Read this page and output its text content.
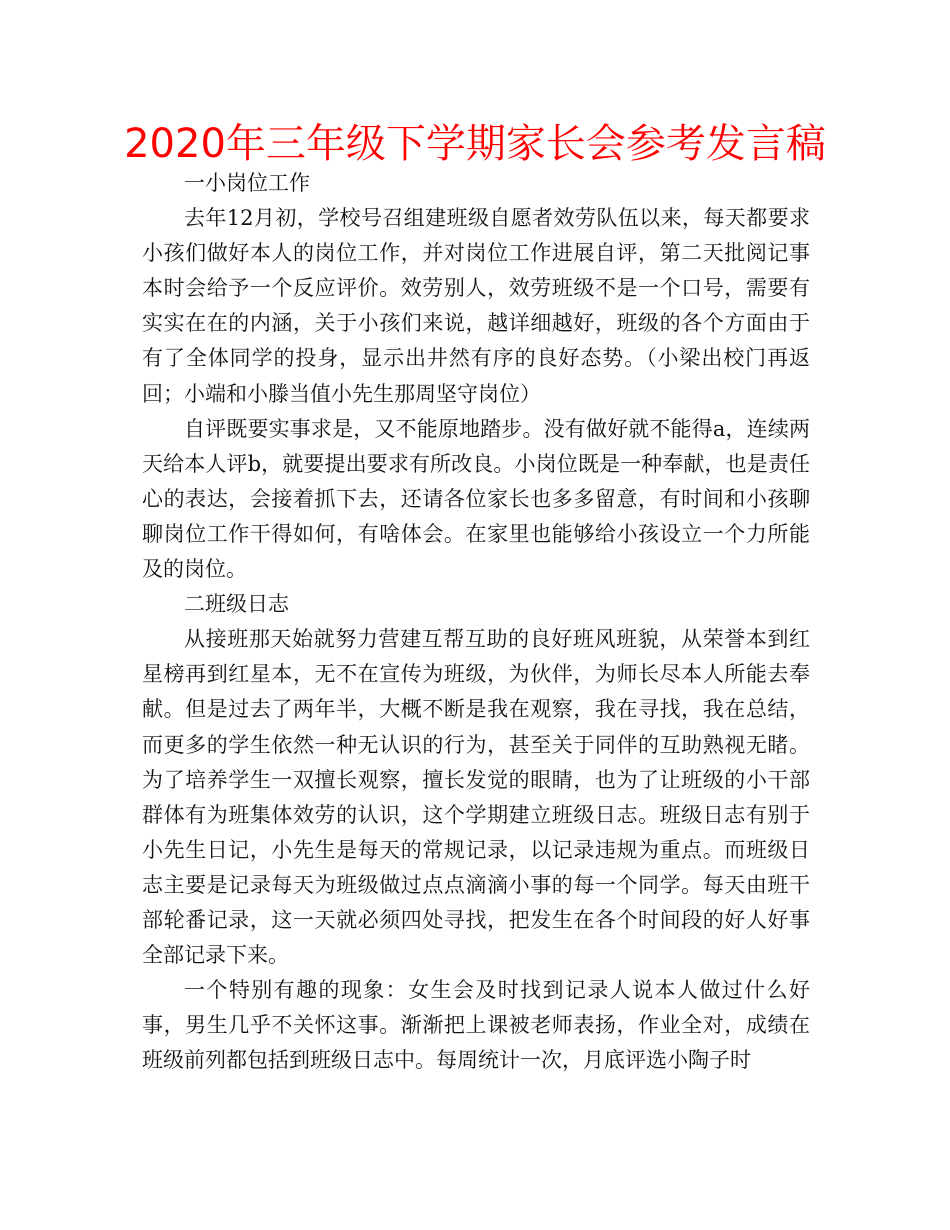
2020年三年级下学期家长会参考发言稿

一小岗位工作

去年12月初，学校号召组建班级自愿者效劳队伍以来，每天都要求小孩们做好本人的岗位工作，并对岗位工作进展自评，第二天批阅记事本时会给予一个反应评价。效劳别人，效劳班级不是一个口号，需要有实实在在的内涵，关于小孩们来说，越详细越好，班级的各个方面由于有了全体同学的投身，显示出井然有序的良好态势。（小梁出校门再返回；小端和小滕当值小先生那周坚守岗位）

自评既要实事求是，又不能原地踏步。没有做好就不能得a，连续两天给本人评b，就要提出要求有所改良。小岗位既是一种奉献，也是责任心的表达，会接着抓下去，还请各位家长也多多留意，有时间和小孩聊聊岗位工作干得如何，有啥体会。在家里也能够给小孩设立一个力所能及的岗位。

二班级日志

从接班那天始就努力营建互帮互助的良好班风班貌，从荣誉本到红星榜再到红星本，无不在宣传为班级，为伙伴，为师长尽本人所能去奉献。但是过去了两年半，大概不断是我在观察，我在寻找，我在总结，而更多的学生依然一种无认识的行为，甚至关于同伴的互助熟视无睹。为了培养学生一双擅长观察，擅长发觉的眼睛，也为了让班级的小干部群体有为班集体效劳的认识，这个学期建立班级日志。班级日志有别于小先生日记，小先生是每天的常规记录，以记录违规为重点。而班级日志主要是记录每天为班级做过点点滴滴小事的每一个同学。每天由班干部轮番记录，这一天就必须四处寻找，把发生在各个时间段的好人好事全部记录下来。

一个特别有趣的现象：女生会及时找到记录人说本人做过什么好事，男生几乎不关怀这事。渐渐把上课被老师表扬，作业全对，成绩在班级前列都包括到班级日志中。每周统计一次，月底评选小陶子时
